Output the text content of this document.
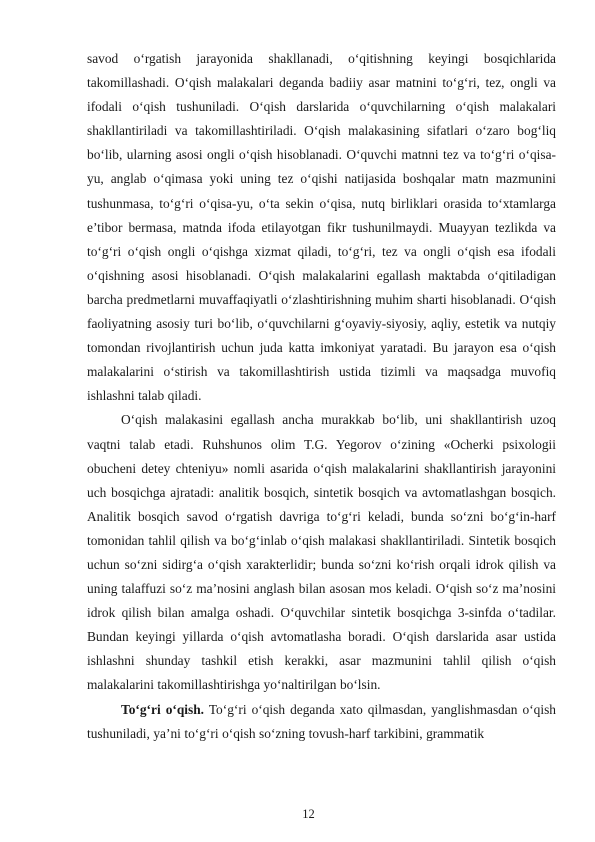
savod o‘rgatish jarayonida shakllanadi, o‘qitishning keyingi bosqichlarida takomillashadi. O‘qish malakalari deganda badiiy asar matnini to‘g‘ri, tez, ongli va ifodali o‘qish tushuniladi. O‘qish darslarida o‘quvchilarning o‘qish malakalari shakllantiriladi va takomillashtiriladi. O‘qish malakasining sifatlari o‘zaro bog‘liq bo‘lib, ularning asosi ongli o‘qish hisoblanadi. O‘quvchi matnni tez va to‘g‘ri o‘qisa-yu, anglab o‘qimasa yoki uning tez o‘qishi natijasida boshqalar matn mazmunini tushunmasa, to‘g‘ri o‘qisa-yu, o‘ta sekin o‘qisa, nutq birliklari orasida to‘xtamlarga e’tibor bermasa, matnda ifoda etilayotgan fikr tushunilmaydi. Muayyan tezlikda va to‘g‘ri o‘qish ongli o‘qishga xizmat qiladi, to‘g‘ri, tez va ongli o‘qish esa ifodali o‘qishning asosi hisoblanadi. O‘qish malakalarini egallash maktabda o‘qitiladigan barcha predmetlarni muvaffaqiyatli o‘zlashtirishning muhim sharti hisoblanadi. O‘qish faoliyatning asosiy turi bo‘lib, o‘quvchilarni g‘oyaviy-siyosiy, aqliy, estetik va nutqiy tomondan rivojlantirish uchun juda katta imkoniyat yaratadi. Bu jarayon esa o‘qish malakalarini o‘stirish va takomillashtirish ustida tizimli va maqsadga muvofiq ishlashni talab qiladi.

O‘qish malakasini egallash ancha murakkab bo‘lib, uni shakllantirish uzoq vaqtni talab etadi. Ruhshunos olim T.G. Yegorov o‘zining «Ocherki psixologii obucheni detey chteniyu» nomli asarida o‘qish malakalarini shakllantirish jarayonini uch bosqichga ajratadi: analitik bosqich, sintetik bosqich va avtomatlashgan bosqich. Analitik bosqich savod o‘rgatish davriga to‘g‘ri keladi, bunda so‘zni bo‘g‘in-harf tomonidan tahlil qilish va bo‘g‘inlab o‘qish malakasi shakllantiriladi. Sintetik bosqich uchun so‘zni sidirg‘a o‘qish xarakterlidir; bunda so‘zni ko‘rish orqali idrok qilish va uning talaffuzi so‘z ma’nosini anglash bilan asosan mos keladi. O‘qish so‘z ma’nosini idrok qilish bilan amalga oshadi. O‘quvchilar sintetik bosqichga 3-sinfda o‘tadilar. Bundan keyingi yillarda o‘qish avtomatlasha boradi. O‘qish darslarida asar ustida ishlashni shunday tashkil etish kerakki, asar mazmunini tahlil qilish o‘qish malakalarini takomillashtirishga yo‘naltirilgan bo‘lsin.

To‘g‘ri o‘qish. To‘g‘ri o‘qish deganda xato qilmasdan, yanglishmasdan o‘qish tushuniladi, ya’ni to‘g‘ri o‘qish so‘zning tovush-harf tarkibini, grammatik

12
